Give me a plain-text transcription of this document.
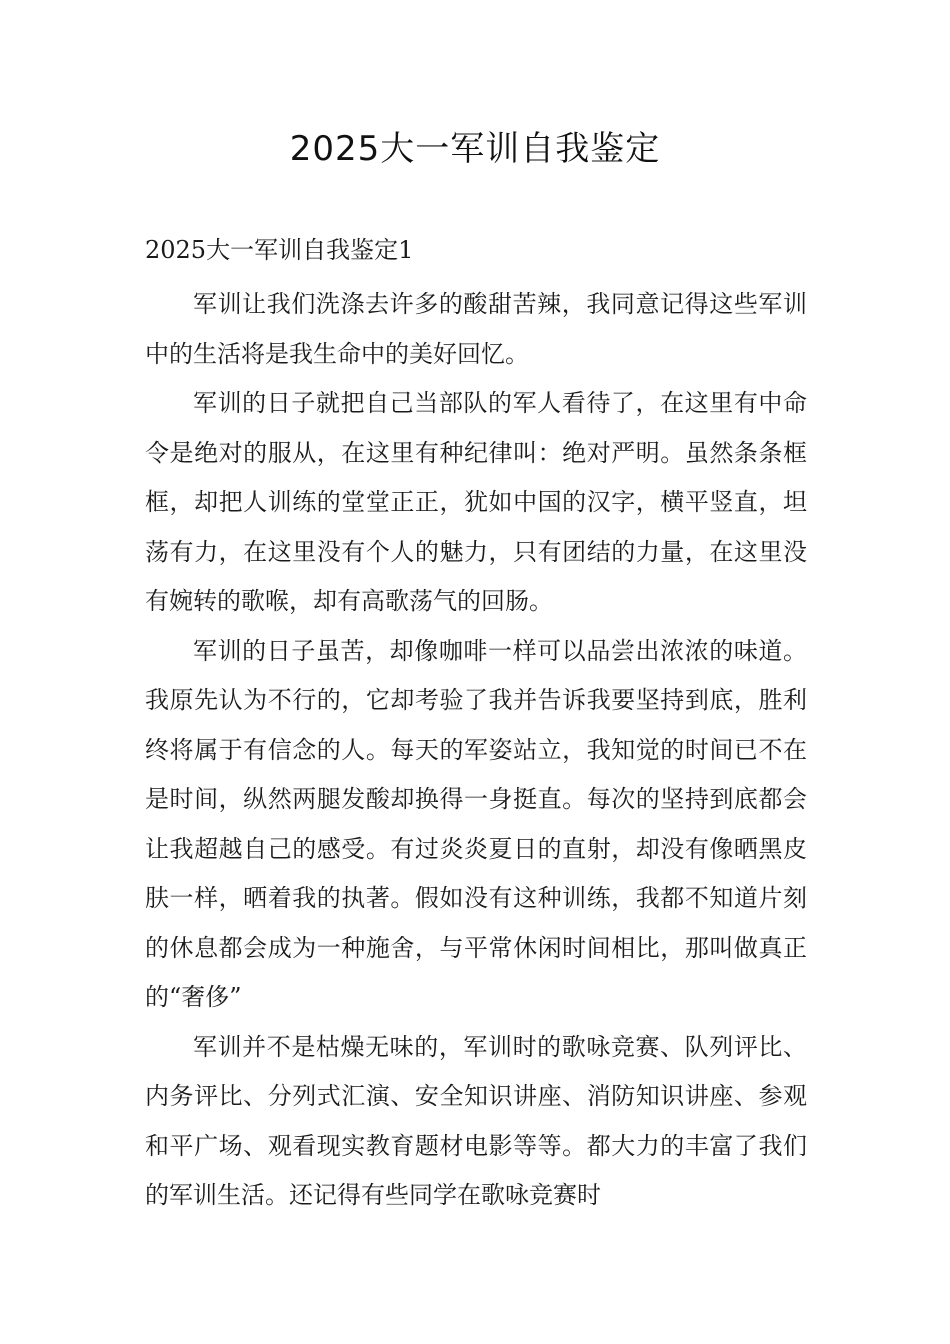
2025大一军训自我鉴定
2025大一军训自我鉴定1

军训让我们洗涤去许多的酸甜苦辣，我同意记得这些军训中的生活将是我生命中的美好回忆。

军训的日子就把自己当部队的军人看待了，在这里有中命令是绝对的服从，在这里有种纪律叫：绝对严明。虽然条条框框，却把人训练的堂堂正正，犹如中国的汉字，横平竖直，坦荡有力，在这里没有个人的魅力，只有团结的力量，在这里没有婉转的歌喉，却有高歌荡气的回肠。

军训的日子虽苦，却像咖啡一样可以品尝出浓浓的味道。我原先认为不行的，它却考验了我并告诉我要坚持到底，胜利终将属于有信念的人。每天的军姿站立，我知觉的时间已不在是时间，纵然两腿发酸却换得一身挺直。每次的坚持到底都会让我超越自己的感受。有过炎炎夏日的直射，却没有像晒黑皮肤一样，晒着我的执著。假如没有这种训练，我都不知道片刻的休息都会成为一种施舍，与平常休闲时间相比，那叫做真正的“奢侈”

军训并不是枯燥无味的，军训时的歌咏竞赛、队列评比、内务评比、分列式汇演、安全知识讲座、消防知识讲座、参观和平广场、观看现实教育题材电影等等。都大力的丰富了我们的军训生活。还记得有些同学在歌咏竞赛时
